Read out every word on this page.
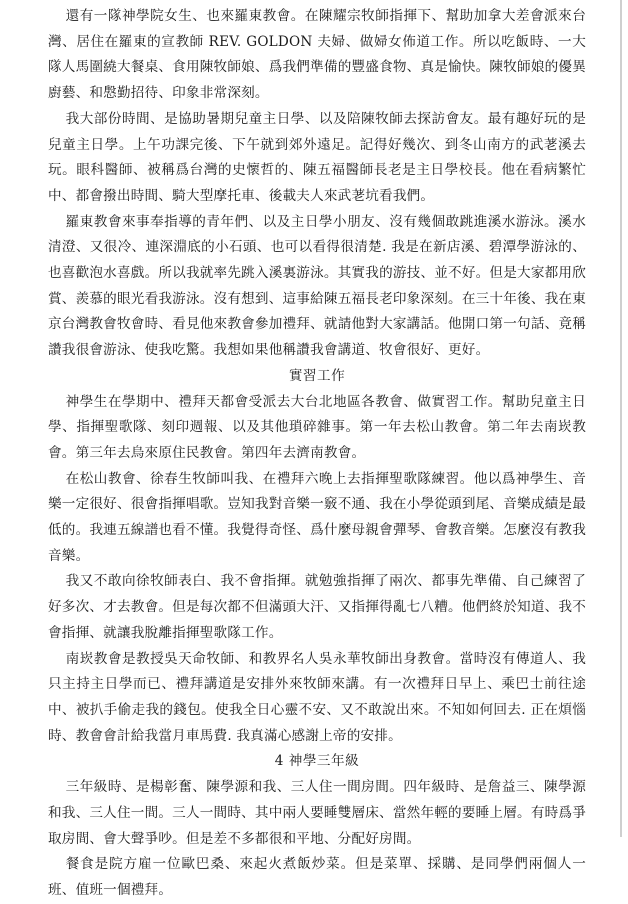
還有一隊神學院女生、也來羅東教會。在陳耀宗牧師指揮下、幫助加拿大差會派來台灣、居住在羅東的宣教師 REV. GOLDON 夫婦、做婦女佈道工作。所以吃飯時、一大隊人馬圍繞大餐桌、食用陳牧師娘、爲我們準備的豐盛食物、真是愉快。陳牧師娘的優異廚藝、和慇勤招待、印象非常深刻。

我大部份時間、是協助暑期兒童主日學、以及陪陳牧師去探訪會友。最有趣好玩的是兒童主日學。上午功課完後、下午就到郊外遠足。記得好幾次、到冬山南方的武荖溪去玩。眼科醫師、被稱爲台灣的史懷哲的、陳五福醫師長老是主日學校長。他在看病繁忙中、都會撥出時間、騎大型摩托車、後載夫人來武荖坑看我們。

羅東教會來事奉指導的青年們、以及主日學小朋友、沒有幾個敢跳進溪水游泳。溪水清澄、又很冷、連深淵底的小石頭、也可以看得很清楚. 我是在新店溪、碧潭學游泳的、也喜歡泡水喜戲。所以我就率先跳入溪裏游泳。其實我的游技、並不好。但是大家都用欣賞、羨慕的眼光看我游泳。沒有想到、這事給陳五福長老印象深刻。在三十年後、我在東京台灣教會牧會時、看見他來教會參加禮拜、就請他對大家講話。他開口第一句話、竟稱讚我很會游泳、使我吃驚。我想如果他稱讚我會講道、牧會很好、更好。

實習工作

神學生在學期中、禮拜天都會受派去大台北地區各教會、做實習工作。幫助兒童主日學、指揮聖歌隊、刻印週報、以及其他瑣碎雜事。第一年去松山教會。第二年去南崁教會。第三年去烏來原住民教會。第四年去濟南教會。

在松山教會、徐春生牧師叫我、在禮拜六晚上去指揮聖歌隊練習。他以爲神學生、音樂一定很好、很會指揮唱歌。豈知我對音樂一竅不通、我在小學從頭到尾、音樂成績是最低的。我連五線譜也看不懂。我覺得奇怪、爲什麼母親會彈琴、會教音樂。怎麼沒有教我音樂。

我又不敢向徐牧師表白、我不會指揮。就勉強指揮了兩次、都事先準備、自己練習了好多次、才去教會。但是每次都不但滿頭大汗、又指揮得亂七八糟。他們終於知道、我不會指揮、就讓我脫離指揮聖歌隊工作。

南崁教會是教授吳天命牧師、和教界名人吳永華牧師出身教會。當時沒有傳道人、我只主持主日學而已、禮拜講道是安排外來牧師來講。有一次禮拜日早上、乘巴士前往途中、被扒手偷走我的錢包。使我全日心靈不安、又不敢說出來。不知如何回去. 正在煩惱時、教會會計給我當月車馬費. 我真滿心感謝上帝的安排。

4 神學三年級

三年級時、是楊彰奮、陳學源和我、三人住一間房間。四年級時、是詹益三、陳學源和我、三人住一間。三人一間時、其中兩人要睡雙層床、當然年輕的要睡上層。有時爲爭取房間、會大聲爭吵。但是差不多都很和平地、分配好房間。

餐食是院方雇一位歐巴桑、來起火煮飯炒菜。但是菜單、採購、是同學們兩個人一班、值班一個禮拜。
